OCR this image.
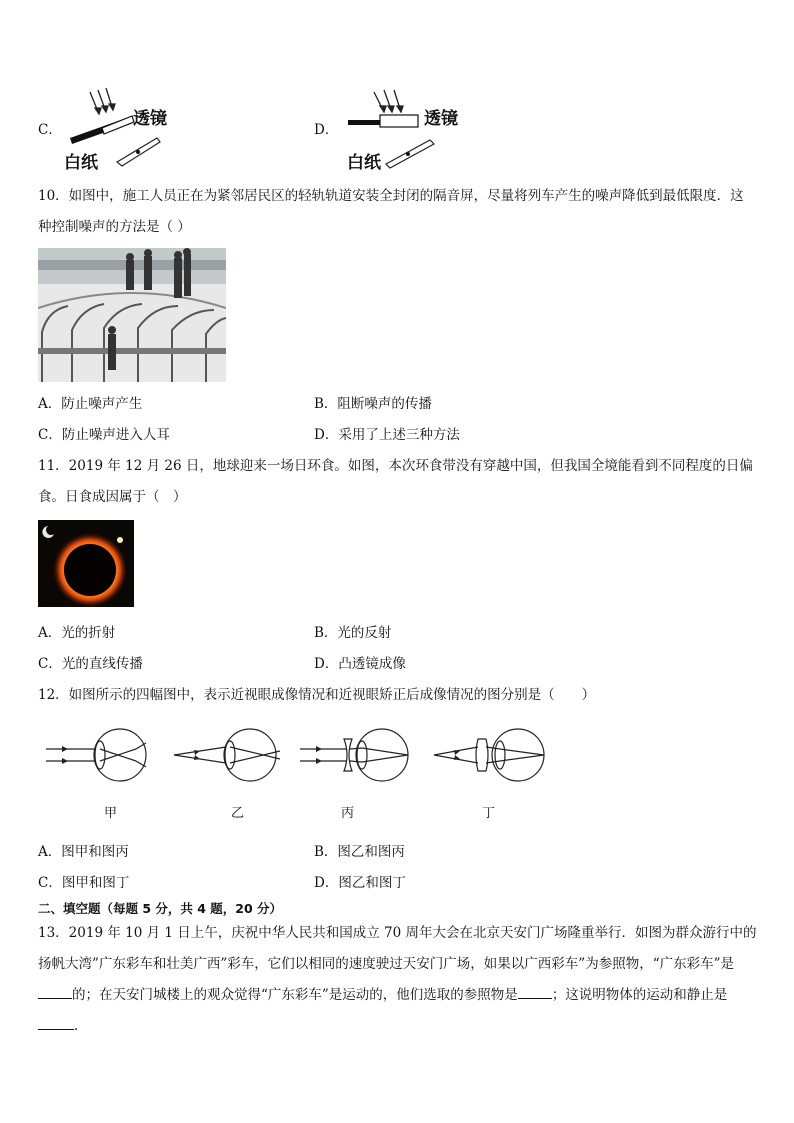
C．
透镜
白纸
D．
透镜
白纸
10．如图中，施工人员正在为紧邻居民区的轻轨轨道安装全封闭的隔音屏，尽量将列车产生的噪声降低到最低限度．这
种控制噪声的方法是（ ）
A．防止噪声产生	B．阻断噪声的传播
C．防止噪声进入人耳	D．采用了上述三种方法
11．2019 年 12 月 26 日，地球迎来一场日环食。如图，本次环食带没有穿越中国，但我国全境能看到不同程度的日偏
食。日食成因属于（　）
A．光的折射	B．光的反射
C．光的直线传播	D．凸透镜成像
12．如图所示的四幅图中，表示近视眼成像情况和近视眼矫正后成像情况的图分别是（　　）
甲	乙	丙	丁
A．图甲和图丙	B．图乙和图丙
C．图甲和图丁	D．图乙和图丁
二、填空题（每题 5 分，共 4 题，20 分）
13．2019 年 10 月 1 日上午，庆祝中华人民共和国成立 70 周年大会在北京天安门广场隆重举行．如图为群众游行中的扬帆大湾”广东彩车和壮美广西”彩车，它们以相同的速度驶过天安门广场，如果以广西彩车”为参照物，“广东彩车”是的；在天安门城楼上的观众觉得“广东彩车”是运动的，他们选取的参照物是	；这说明物体的运动和静止是
．
